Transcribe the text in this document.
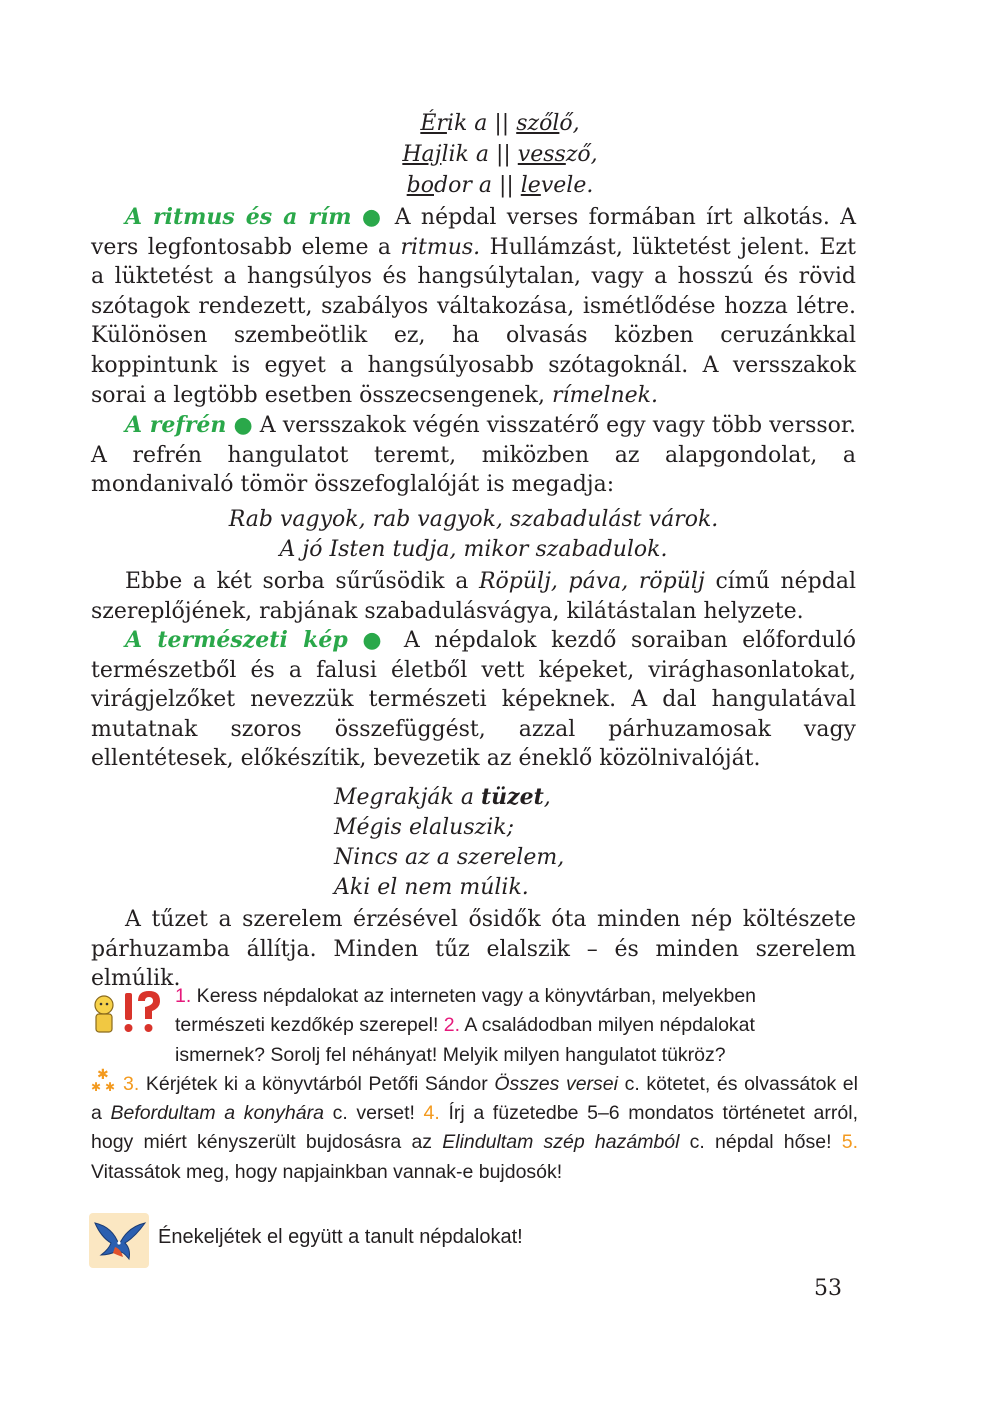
Érik a || szőlő,
Hajlik a || vessző,
bodor a || levele.

A ritmus és a rím ● A népdal verses formában írt alkotás. A vers legfontosabb eleme a ritmus. Hullámzást, lüktetést jelent. Ezt a lüktetést a hangsúlyos és hangsúlytalan, vagy a hosszú és rövid szótagok rendezett, szabályos váltakozása, ismétlődése hozza létre. Különösen szembeötlik ez, ha olvasás közben ceruzánkkal koppintunk is egyet a hangsúlyosabb szótagoknál. A versszakok sorai a legtöbb esetben összecsengenek, rímelnek.

A refrén ● A versszakok végén visszatérő egy vagy több verssor. A refrén hangulatot teremt, miközben az alapgondolat, a mondanivaló tömör összefoglalóját is megadja:

Rab vagyok, rab vagyok, szabadulást várok.
A jó Isten tudja, mikor szabadulok.

Ebbe a két sorba sűrűsödik a Röpülj, páva, röpülj című népdal szereplőjének, rabjának szabadulásvágya, kilátástalan helyzete.

A természeti kép ● A népdalok kezdő soraiban előforduló természetből és a falusi életből vett képeket, virághasonlatokat, virágjelzőket nevezzük természeti képeknek. A dal hangulatával mutatnak szoros összefüggést, azzal párhuzamosak vagy ellentétesek, előkészítik, bevezetik az éneklő közölnivalóját.

Megrakják a tüzet,
Mégis elaluszik;
Nincs az a szerelem,
Aki el nem múlik.

A tűzet a szerelem érzésével ősidők óta minden nép költészete párhuzamba állítja. Minden tűz elalszik – és minden szerelem elmúlik.

✱
✱ ✱
1. Keress népdalokat az interneten vagy a könyvtárban, melyekben
természeti kezdőkép szerepel! 2. A családodban milyen népdalokat
ismernek? Sorolj fel néhányat! Melyik milyen hangulatot tükröz?
3. Kérjétek ki a könyvtárból Petőfi Sándor Összes versei c. kötetet, és olvassátok el a Befordultam a konyhára c. verset! 4. Írj a füzetedbe 5–6 mondatos történetet arról, hogy miért kényszerült bujdosásra az Elindultam szép hazámból c. népdal hőse! 5. Vitassátok meg, hogy napjainkban vannak-e bujdosók!
Énekeljétek el együtt a tanult népdalokat!
53
